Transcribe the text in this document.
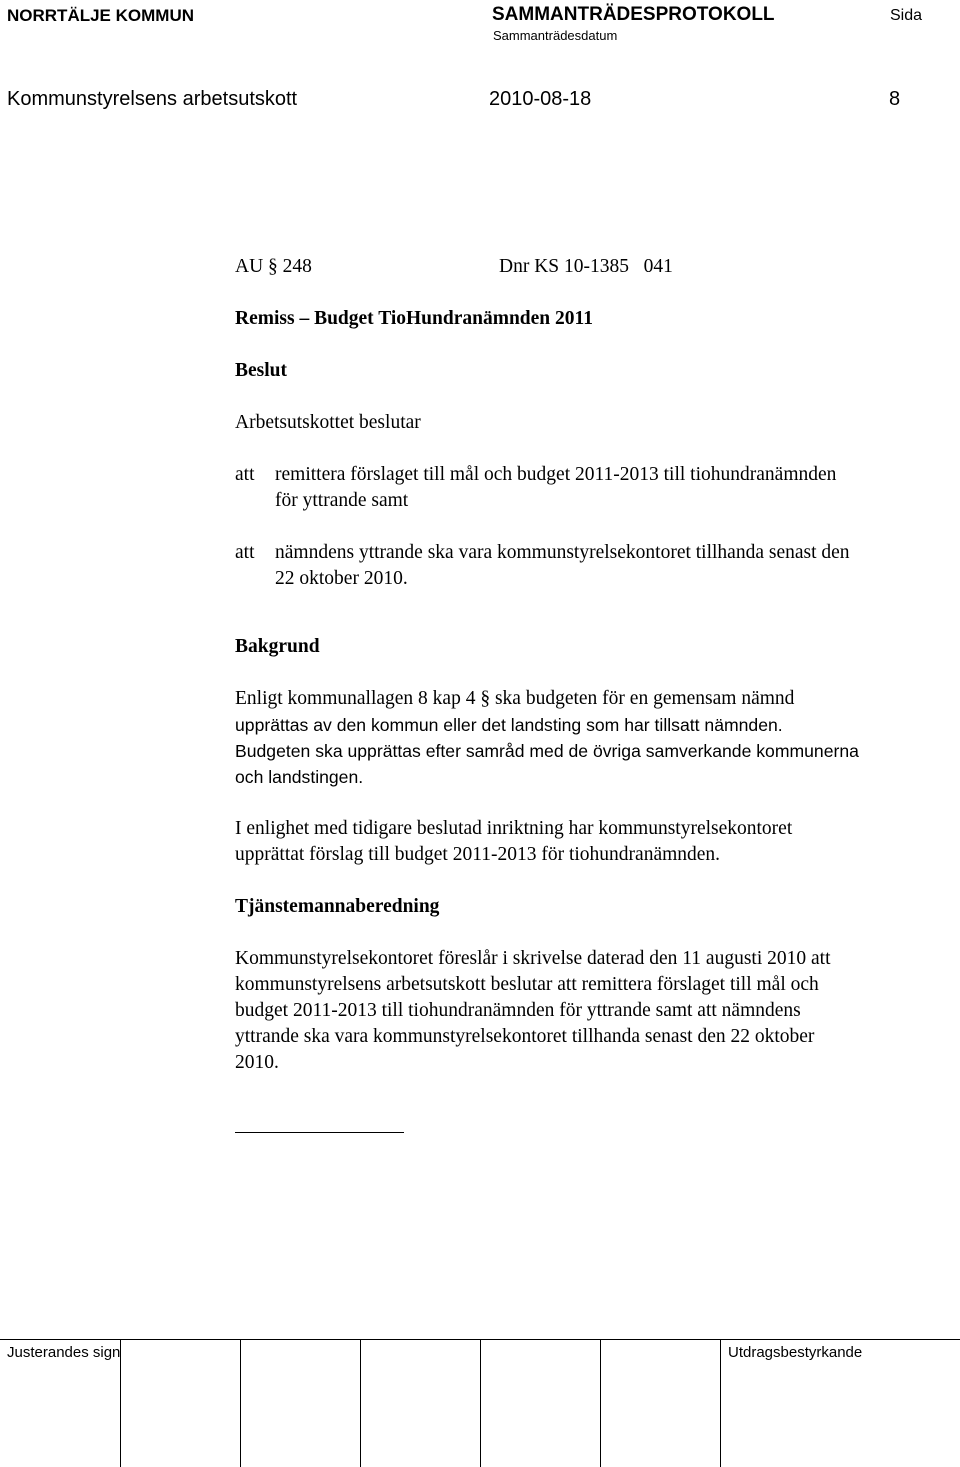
NORRTÄLJE KOMMUN	SAMMANTRÄDESPROTOKOLL
Sammanträdesdatum
Sida
Kommunstyrelsens arbetsutskott	2010-08-18	8
AU § 248	Dnr KS 10-1385   041
Remiss – Budget TioHundranämnden 2011
Beslut
Arbetsutskottet beslutar
att remittera förslaget till mål och budget 2011-2013 till tiohundranämnden
för yttrande samt
att nämndens yttrande ska vara kommunstyrelsekontoret tillhanda senast den
22 oktober 2010.
Bakgrund
Enligt kommunallagen 8 kap 4 § ska budgeten för en gemensam nämnd
upprättas av den kommun eller det landsting som har tillsatt nämnden.
Budgeten ska upprättas efter samråd med de övriga samverkande kommunerna
och landstingen.
I enlighet med tidigare beslutad inriktning har kommunstyrelsekontoret
upprättat förslag till budget 2011-2013 för tiohundranämnden.
Tjänstemannaberedning
Kommunstyrelsekontoret föreslår i skrivelse daterad den 11 augusti 2010 att
kommunstyrelsens arbetsutskott beslutar att remittera förslaget till mål och
budget 2011-2013 till tiohundranämnden för yttrande samt att nämndens
yttrande ska vara kommunstyrelsekontoret tillhanda senast den 22 oktober
2010.
Justerandes sign	Utdragsbestyrkande
